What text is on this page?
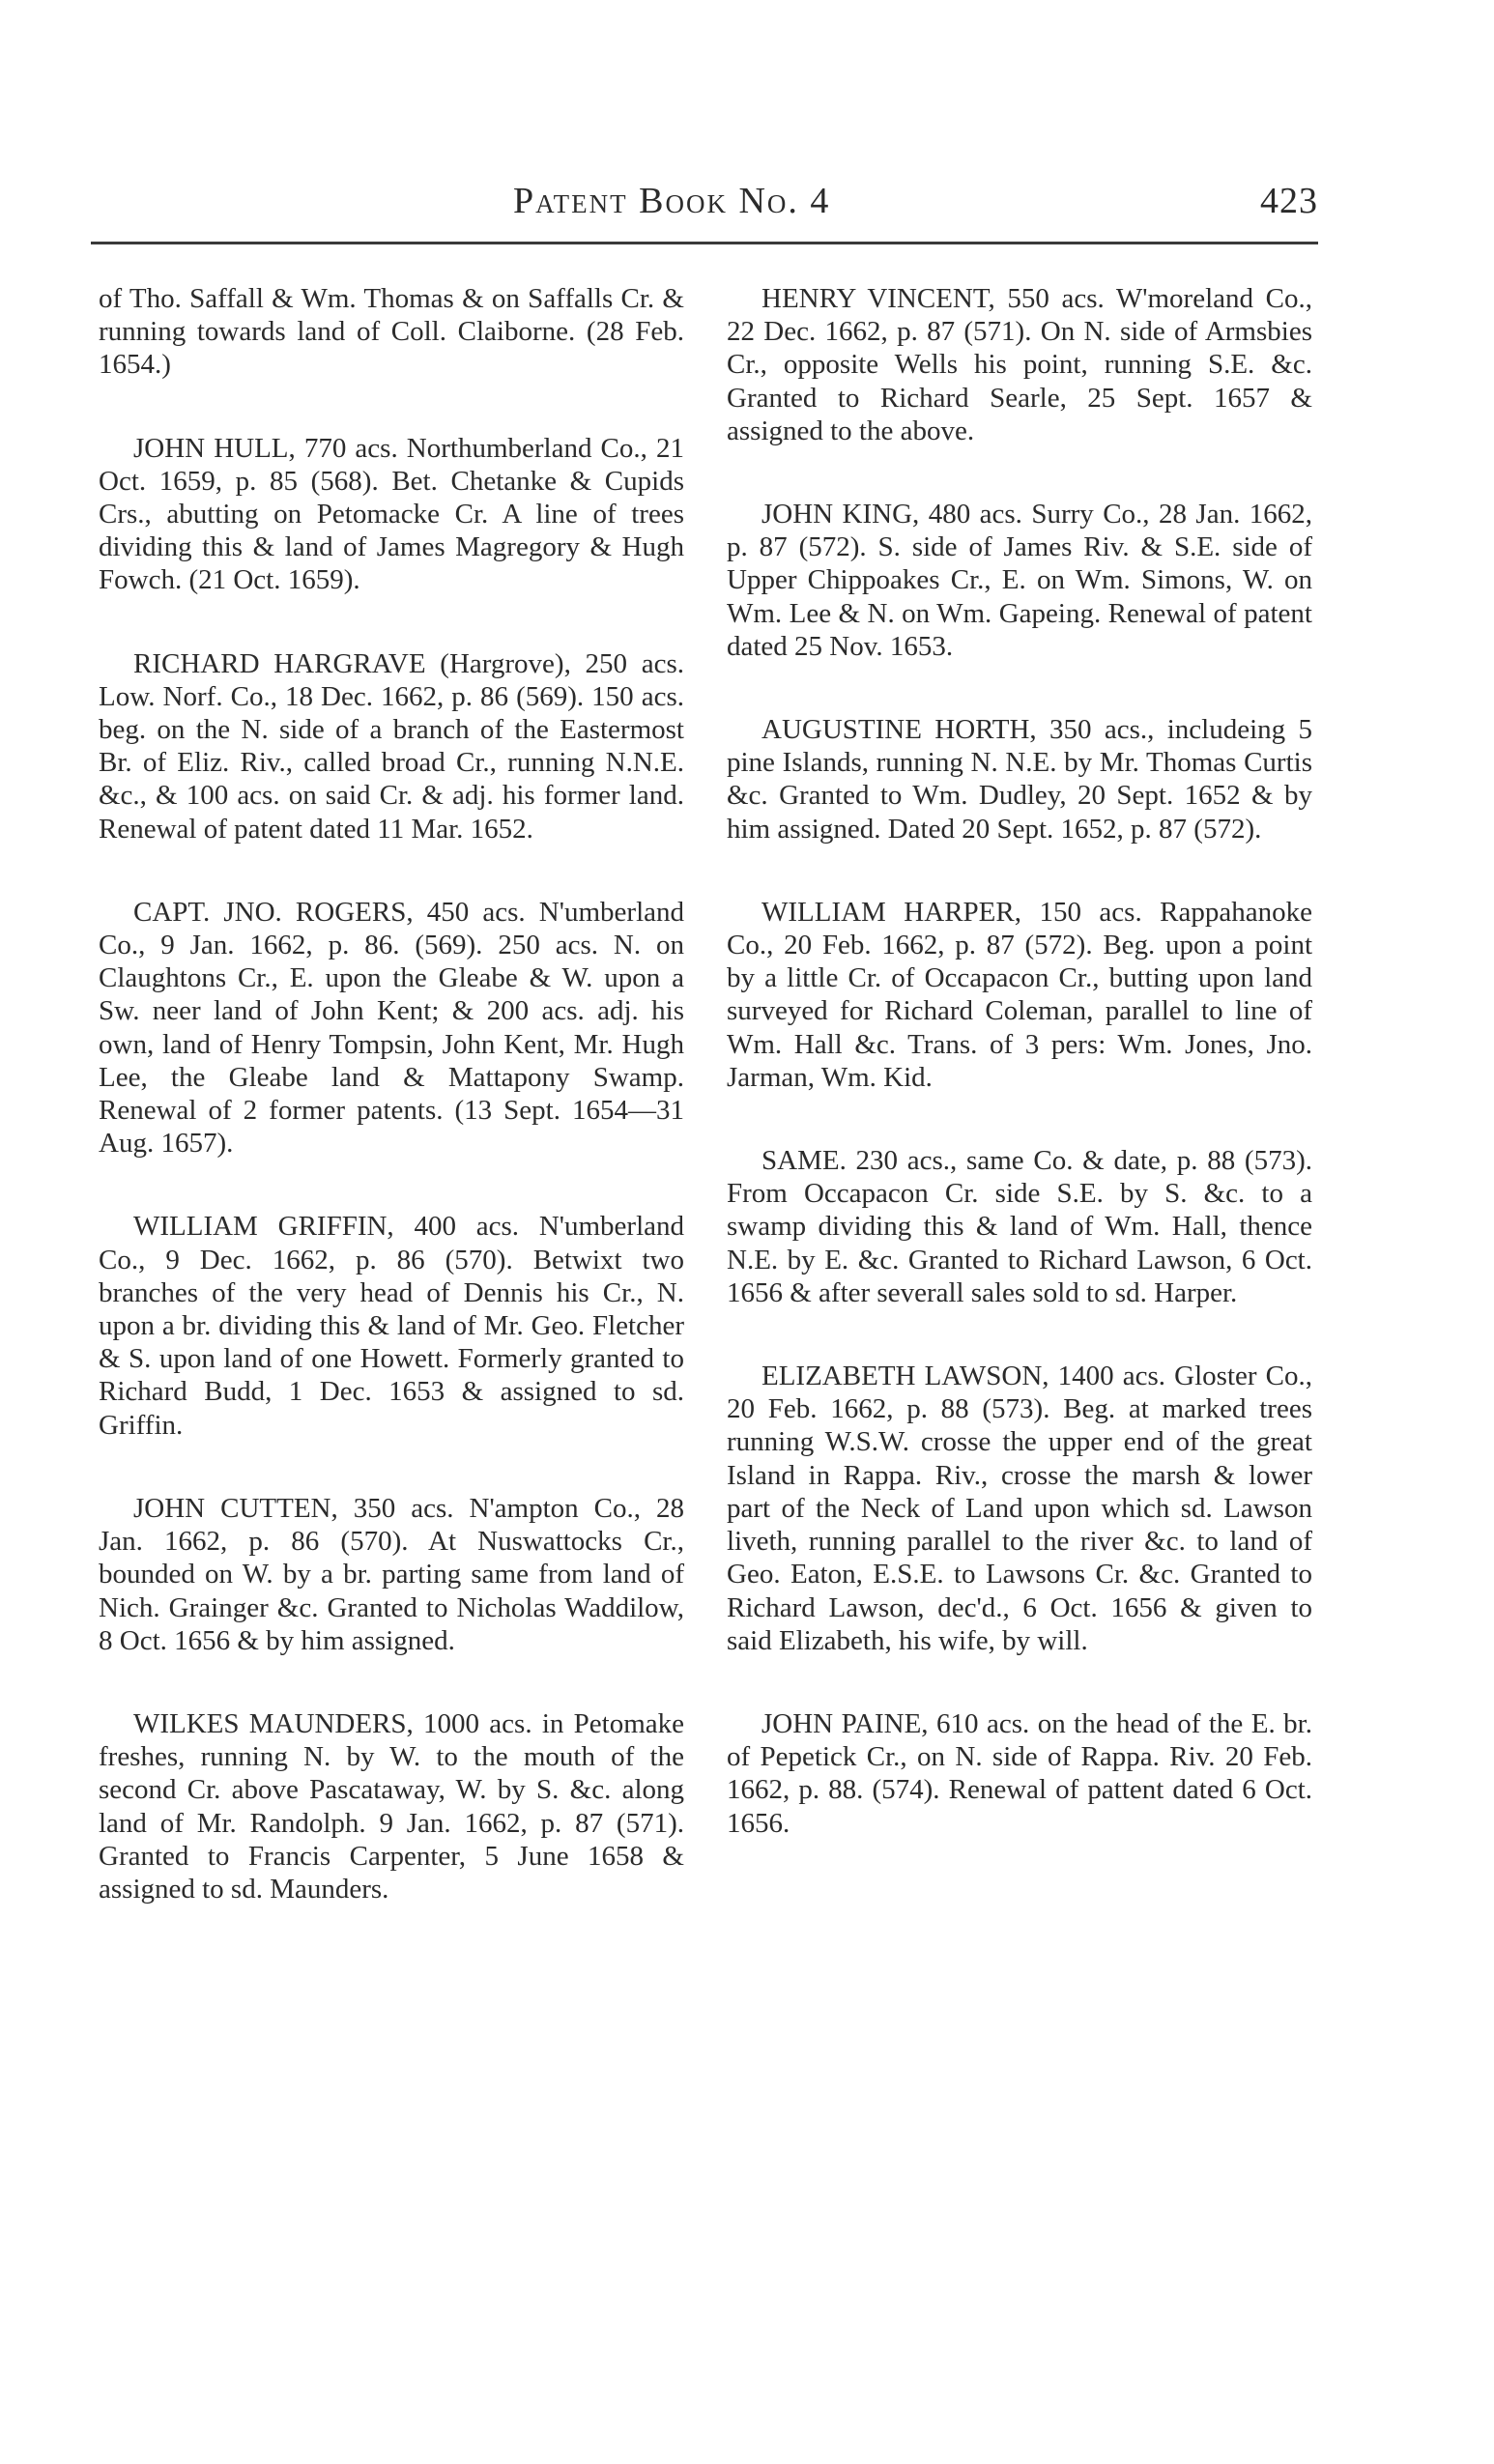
Patent Book No. 4	423

of Tho. Saffall & Wm. Thomas & on Saffalls Cr. & running towards land of Coll. Claiborne. (28 Feb. 1654.)

JOHN HULL, 770 acs. Northumberland Co., 21 Oct. 1659, p. 85 (568). Bet. Chetanke & Cupids Crs., abutting on Petomacke Cr. A line of trees dividing this & land of James Magregory & Hugh Fowch. (21 Oct. 1659).

RICHARD HARGRAVE (Hargrove), 250 acs. Low. Norf. Co., 18 Dec. 1662, p. 86 (569). 150 acs. beg. on the N. side of a branch of the Eastermost Br. of Eliz. Riv., called broad Cr., running N.N.E. &c., & 100 acs. on said Cr. & adj. his former land. Renewal of patent dated 11 Mar. 1652.

CAPT. JNO. ROGERS, 450 acs. N'umberland Co., 9 Jan. 1662, p. 86. (569). 250 acs. N. on Claughtons Cr., E. upon the Gleabe & W. upon a Sw. neer land of John Kent; & 200 acs. adj. his own, land of Henry Tompsin, John Kent, Mr. Hugh Lee, the Gleabe land & Mattapony Swamp. Renewal of 2 former patents. (13 Sept. 1654—31 Aug. 1657).

WILLIAM GRIFFIN, 400 acs. N'umberland Co., 9 Dec. 1662, p. 86 (570). Betwixt two branches of the very head of Dennis his Cr., N. upon a br. dividing this & land of Mr. Geo. Fletcher & S. upon land of one Howett. Formerly granted to Richard Budd, 1 Dec. 1653 & assigned to sd. Griffin.

JOHN CUTTEN, 350 acs. N'ampton Co., 28 Jan. 1662, p. 86 (570). At Nuswattocks Cr., bounded on W. by a br. parting same from land of Nich. Grainger &c. Granted to Nicholas Waddilow, 8 Oct. 1656 & by him assigned.

WILKES MAUNDERS, 1000 acs. in Petomake freshes, running N. by W. to the mouth of the second Cr. above Pascataway, W. by S. &c. along land of Mr. Randolph. 9 Jan. 1662, p. 87 (571). Granted to Francis Carpenter, 5 June 1658 & assigned to sd. Maunders.

HENRY VINCENT, 550 acs. W'moreland Co., 22 Dec. 1662, p. 87 (571). On N. side of Armsbies Cr., opposite Wells his point, running S.E. &c. Granted to Richard Searle, 25 Sept. 1657 & assigned to the above.

JOHN KING, 480 acs. Surry Co., 28 Jan. 1662, p. 87 (572). S. side of James Riv. & S.E. side of Upper Chippoakes Cr., E. on Wm. Simons, W. on Wm. Lee & N. on Wm. Gapeing. Renewal of patent dated 25 Nov. 1653.

AUGUSTINE HORTH, 350 acs., includeing 5 pine Islands, running N. N.E. by Mr. Thomas Curtis &c. Granted to Wm. Dudley, 20 Sept. 1652 & by him assigned. Dated 20 Sept. 1652, p. 87 (572).

WILLIAM HARPER, 150 acs. Rappahanoke Co., 20 Feb. 1662, p. 87 (572). Beg. upon a point by a little Cr. of Occapacon Cr., butting upon land surveyed for Richard Coleman, parallel to line of Wm. Hall &c. Trans. of 3 pers: Wm. Jones, Jno. Jarman, Wm. Kid.

SAME. 230 acs., same Co. & date, p. 88 (573). From Occapacon Cr. side S.E. by S. &c. to a swamp dividing this & land of Wm. Hall, thence N.E. by E. &c. Granted to Richard Lawson, 6 Oct. 1656 & after severall sales sold to sd. Harper.

ELIZABETH LAWSON, 1400 acs. Gloster Co., 20 Feb. 1662, p. 88 (573). Beg. at marked trees running W.S.W. crosse the upper end of the great Island in Rappa. Riv., crosse the marsh & lower part of the Neck of Land upon which sd. Lawson liveth, running parallel to the river &c. to land of Geo. Eaton, E.S.E. to Lawsons Cr. &c. Granted to Richard Lawson, dec'd., 6 Oct. 1656 & given to said Elizabeth, his wife, by will.

JOHN PAINE, 610 acs. on the head of the E. br. of Pepetick Cr., on N. side of Rappa. Riv. 20 Feb. 1662, p. 88. (574). Renewal of pattent dated 6 Oct. 1656.
